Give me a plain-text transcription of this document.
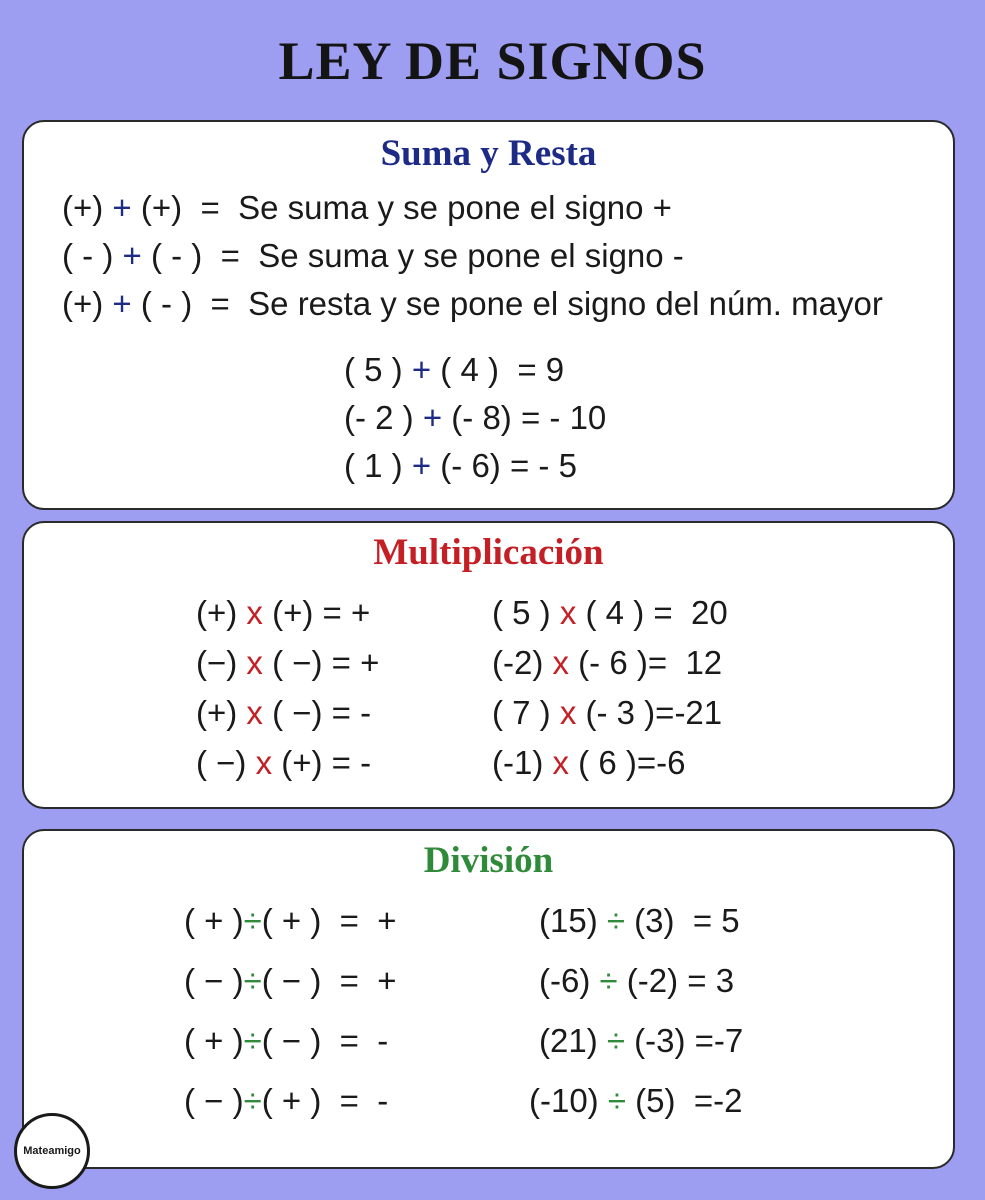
LEY DE SIGNOS
Suma y Resta
(+) + (+) = Se suma y se pone el signo +
( - ) + ( - ) = Se suma y se pone el signo -
(+) + ( - ) = Se resta y se pone el signo del núm. mayor
( 5 ) + ( 4 ) = 9
(- 2 ) + (- 8) = - 10
( 1 ) + (- 6) = - 5
Multiplicación
(+) x (+) = +
(−) x ( −) = +
(+) x ( −) = -
( −) x (+) = -
( 5 ) x ( 4 ) =  20
(-2) x (- 6 )=  12
( 7 ) x (- 3 )=-21
(-1) x ( 6 )=-6
División
( + )÷( + )  =  +
( − )÷( − )  =  +
( + )÷( − )  =  -
( − )÷( + )  =  -
(15) ÷ (3)  = 5
(-6) ÷ (-2) = 3
(21) ÷ (-3) =-7
(-10) ÷ (5)  =-2
Mateamigo
